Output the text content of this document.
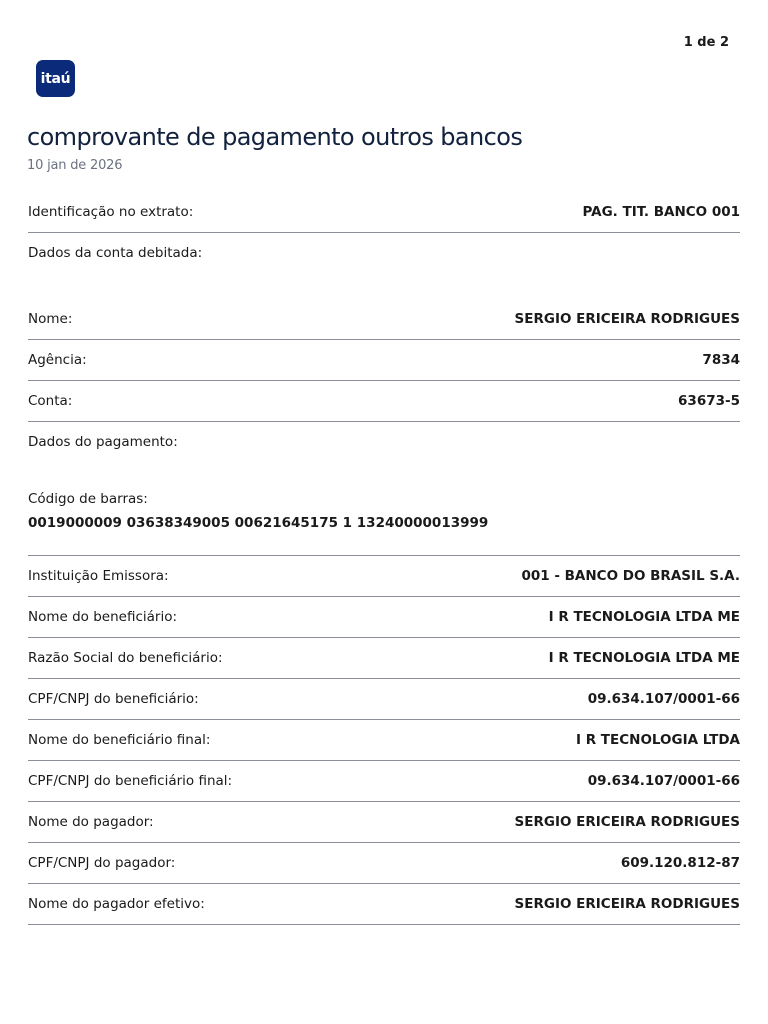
1 de 2
itaú
comprovante de pagamento outros bancos
10 jan de 2026
Identificação no extrato:	PAG. TIT. BANCO 001
Dados da conta debitada:
Nome:	SERGIO ERICEIRA RODRIGUES
Agência:	7834
Conta:	63673-5
Dados do pagamento:
Código de barras:
0019000009 03638349005 00621645175 1 13240000013999
Instituição Emissora:	001 - BANCO DO BRASIL S.A.
Nome do beneficiário:	I R TECNOLOGIA LTDA ME
Razão Social do beneficiário:	I R TECNOLOGIA LTDA ME
CPF/CNPJ do beneficiário:	09.634.107/0001-66
Nome do beneficiário final:	I R TECNOLOGIA LTDA
CPF/CNPJ do beneficiário final:	09.634.107/0001-66
Nome do pagador:	SERGIO ERICEIRA RODRIGUES
CPF/CNPJ do pagador:	609.120.812-87
Nome do pagador efetivo:	SERGIO ERICEIRA RODRIGUES
